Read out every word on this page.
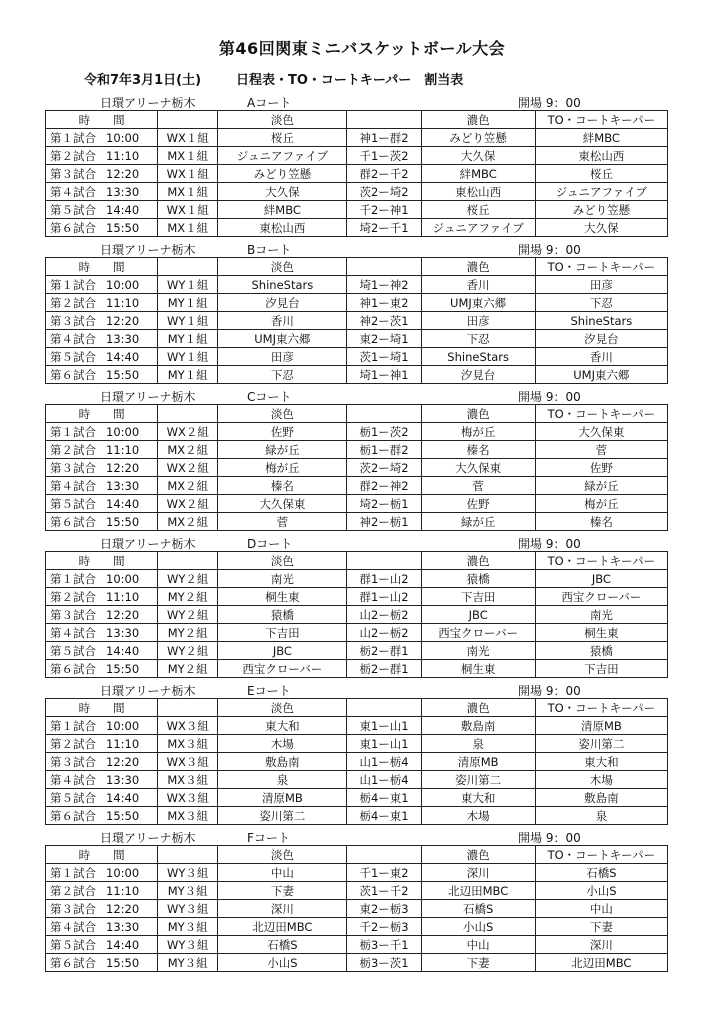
第46回関東ミニバスケットボール大会
令和7年3月1日(土)	日程表・TO・コートキーパー　割当表
日環アリーナ栃木	Aコート	開場 9：00
時　　間		淡色		濃色	TO・コートキーパー
第１試合 10:00	WX１組	桜丘	神1ー群2	みどり笠懸	絆MBC
第２試合 11:10	MX１組	ジュニアファイブ	千1ー茨2	大久保	東松山西
第３試合 12:20	WX１組	みどり笠懸	群2ー千2	絆MBC	桜丘
第４試合 13:30	MX１組	大久保	茨2ー埼2	東松山西	ジュニアファイブ
第５試合 14:40	WX１組	絆MBC	千2ー神1	桜丘	みどり笠懸
第６試合 15:50	MX１組	東松山西	埼2ー千1	ジュニアファイブ	大久保
日環アリーナ栃木	Bコート	開場 9：00
時　　間		淡色		濃色	TO・コートキーパー
第１試合 10:00	WY１組	ShineStars	埼1ー神2	香川	田彦
第２試合 11:10	MY１組	汐見台	神1ー東2	UMJ東六郷	下忍
第３試合 12:20	WY１組	香川	神2ー茨1	田彦	ShineStars
第４試合 13:30	MY１組	UMJ東六郷	東2ー埼1	下忍	汐見台
第５試合 14:40	WY１組	田彦	茨1ー埼1	ShineStars	香川
第６試合 15:50	MY１組	下忍	埼1ー神1	汐見台	UMJ東六郷
日環アリーナ栃木	Cコート	開場 9：00
時　　間		淡色		濃色	TO・コートキーパー
第１試合 10:00	WX２組	佐野	栃1ー茨2	梅が丘	大久保東
第２試合 11:10	MX２組	緑が丘	栃1ー群2	榛名	菅
第３試合 12:20	WX２組	梅が丘	茨2ー埼2	大久保東	佐野
第４試合 13:30	MX２組	榛名	群2ー神2	菅	緑が丘
第５試合 14:40	WX２組	大久保東	埼2ー栃1	佐野	梅が丘
第６試合 15:50	MX２組	菅	神2ー栃1	緑が丘	榛名
日環アリーナ栃木	Dコート	開場 9：00
時　　間		淡色		濃色	TO・コートキーパー
第１試合 10:00	WY２組	南光	群1ー山2	猿橋	JBC
第２試合 11:10	MY２組	桐生東	群1ー山2	下吉田	西宝クローバー
第３試合 12:20	WY２組	猿橋	山2ー栃2	JBC	南光
第４試合 13:30	MY２組	下吉田	山2ー栃2	西宝クローバー	桐生東
第５試合 14:40	WY２組	JBC	栃2ー群1	南光	猿橋
第６試合 15:50	MY２組	西宝クローバー	栃2ー群1	桐生東	下吉田
日環アリーナ栃木	Eコート	開場 9：00
時　　間		淡色		濃色	TO・コートキーパー
第１試合 10:00	WX３組	東大和	東1ー山1	敷島南	清原MB
第２試合 11:10	MX３組	木場	東1ー山1	泉	姿川第二
第３試合 12:20	WX３組	敷島南	山1ー栃4	清原MB	東大和
第４試合 13:30	MX３組	泉	山1ー栃4	姿川第二	木場
第５試合 14:40	WX３組	清原MB	栃4ー東1	東大和	敷島南
第６試合 15:50	MX３組	姿川第二	栃4ー東1	木場	泉
日環アリーナ栃木	Fコート	開場 9：00
時　　間		淡色		濃色	TO・コートキーパー
第１試合 10:00	WY３組	中山	千1ー東2	深川	石橋S
第２試合 11:10	MY３組	下妻	茨1ー千2	北辺田MBC	小山S
第３試合 12:20	WY３組	深川	東2ー栃3	石橋S	中山
第４試合 13:30	MY３組	北辺田MBC	千2ー栃3	小山S	下妻
第５試合 14:40	WY３組	石橋S	栃3ー千1	中山	深川
第６試合 15:50	MY３組	小山S	栃3ー茨1	下妻	北辺田MBC
